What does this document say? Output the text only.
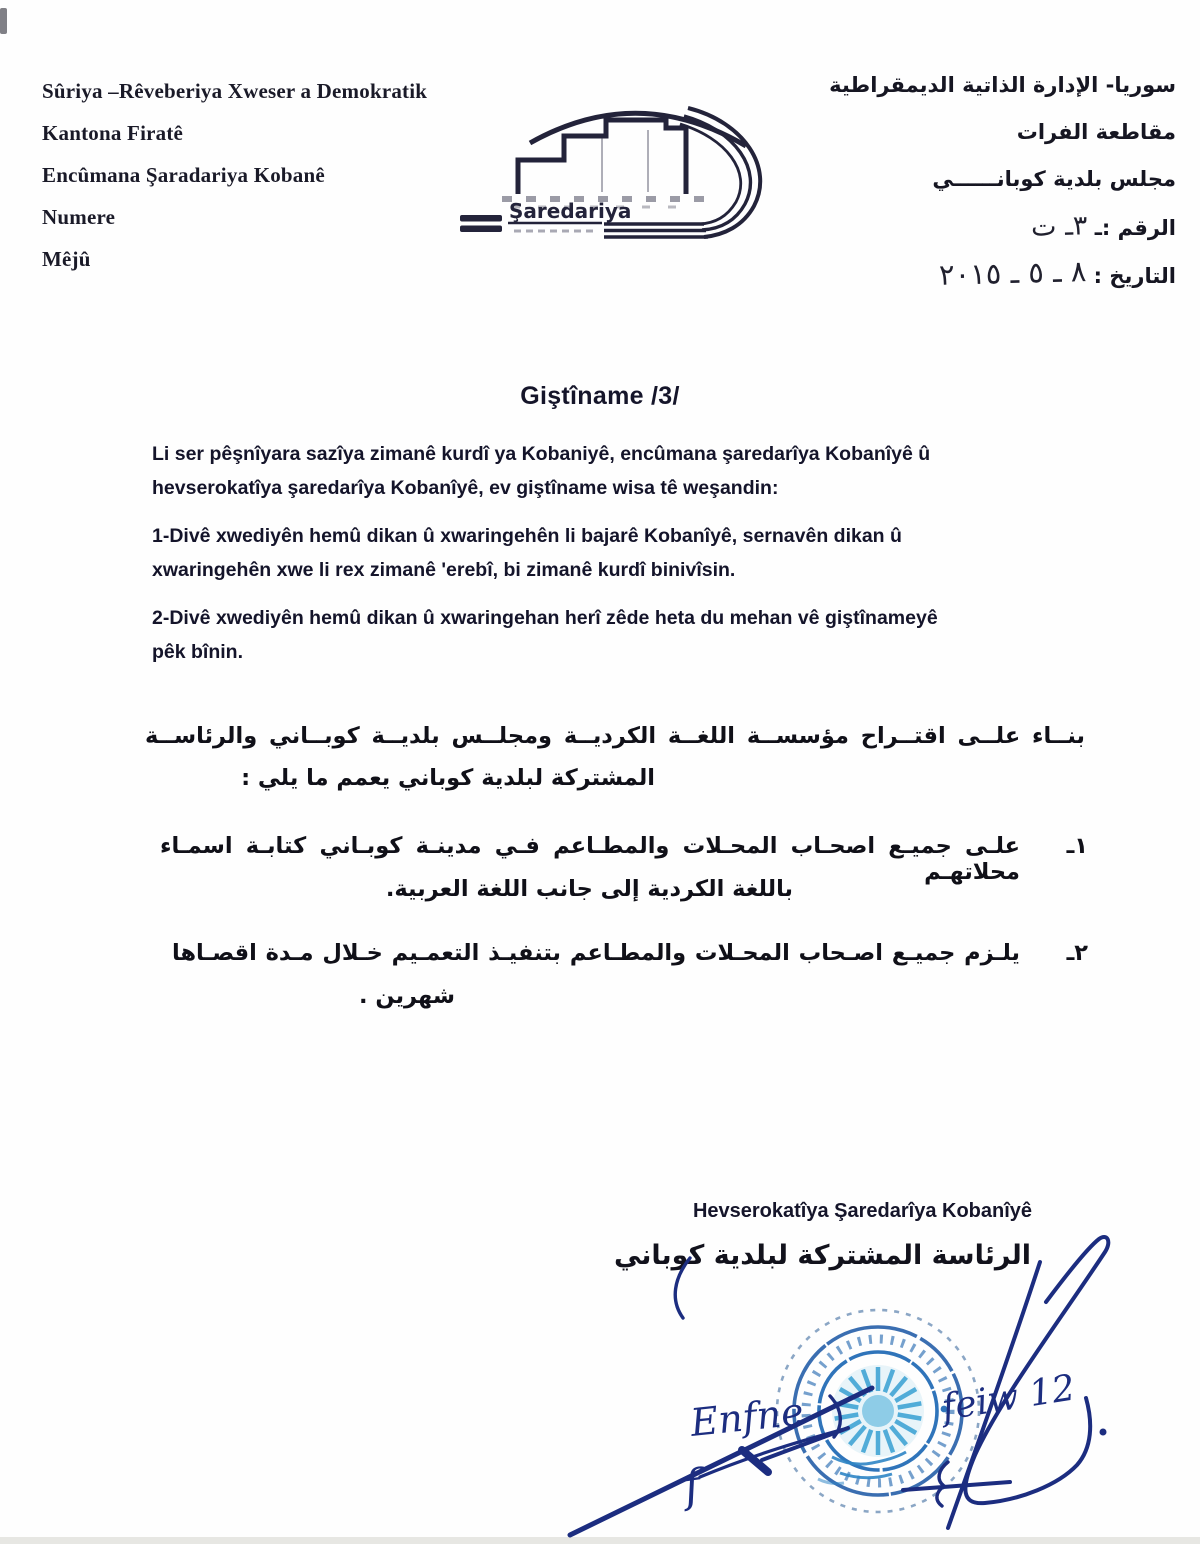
Sûriya –Rêveberiya Xweser a Demokratik
Kantona Firatê
Encûmana Şaradariya Kobanê
Numere
Mêjû
Şaredariya
سوريا- الإدارة الذاتية الديمقراطية
مقاطعة الفرات
مجلس بلدية كوبانــــــي
الرقم :ـ ٣ـ ت
التاريخ : ٨ ـ ٥ ـ ٢٠١٥
Giştîname /3/
Li ser pêşnîyara sazîya zimanê kurdî ya Kobaniyê, encûmana şaredarîya Kobanîyê û
hevserokatîya şaredarîya Kobanîyê, ev giştîname wisa tê weşandin:
1-Divê xwediyên hemû dikan û xwaringehên li bajarê Kobanîyê, sernavên dikan û
xwaringehên xwe li rex zimanê 'erebî, bi zimanê kurdî binivîsin.
2-Divê xwediyên hemû dikan û xwaringehan herî zêde heta du mehan vê giştînameyê
pêk bînin.
بنــاء علــى اقتــراح مؤسســة اللغــة الكرديــة ومجلــس بلديــة كوبــاني والرئاســة
المشتركة لبلدية كوباني يعمم ما يلي :
١ـ
علـى جميـع اصحـاب المحـلات والمطـاعم فـي مدينـة كوبـاني كتابـة اسمـاء محلاتهـم
باللغة الكردية إلى جانب اللغة العربية.
٢ـ
يلـزم جميـع اصـحاب المحـلات والمطـاعم بتنفيـذ التعمـيم خـلال مـدة اقصـاها
شهرين .
Hevserokatîya Şaredarîya Kobanîyê
الرئاسة المشتركة لبلدية كوباني
Enfne
f
feiw 12
